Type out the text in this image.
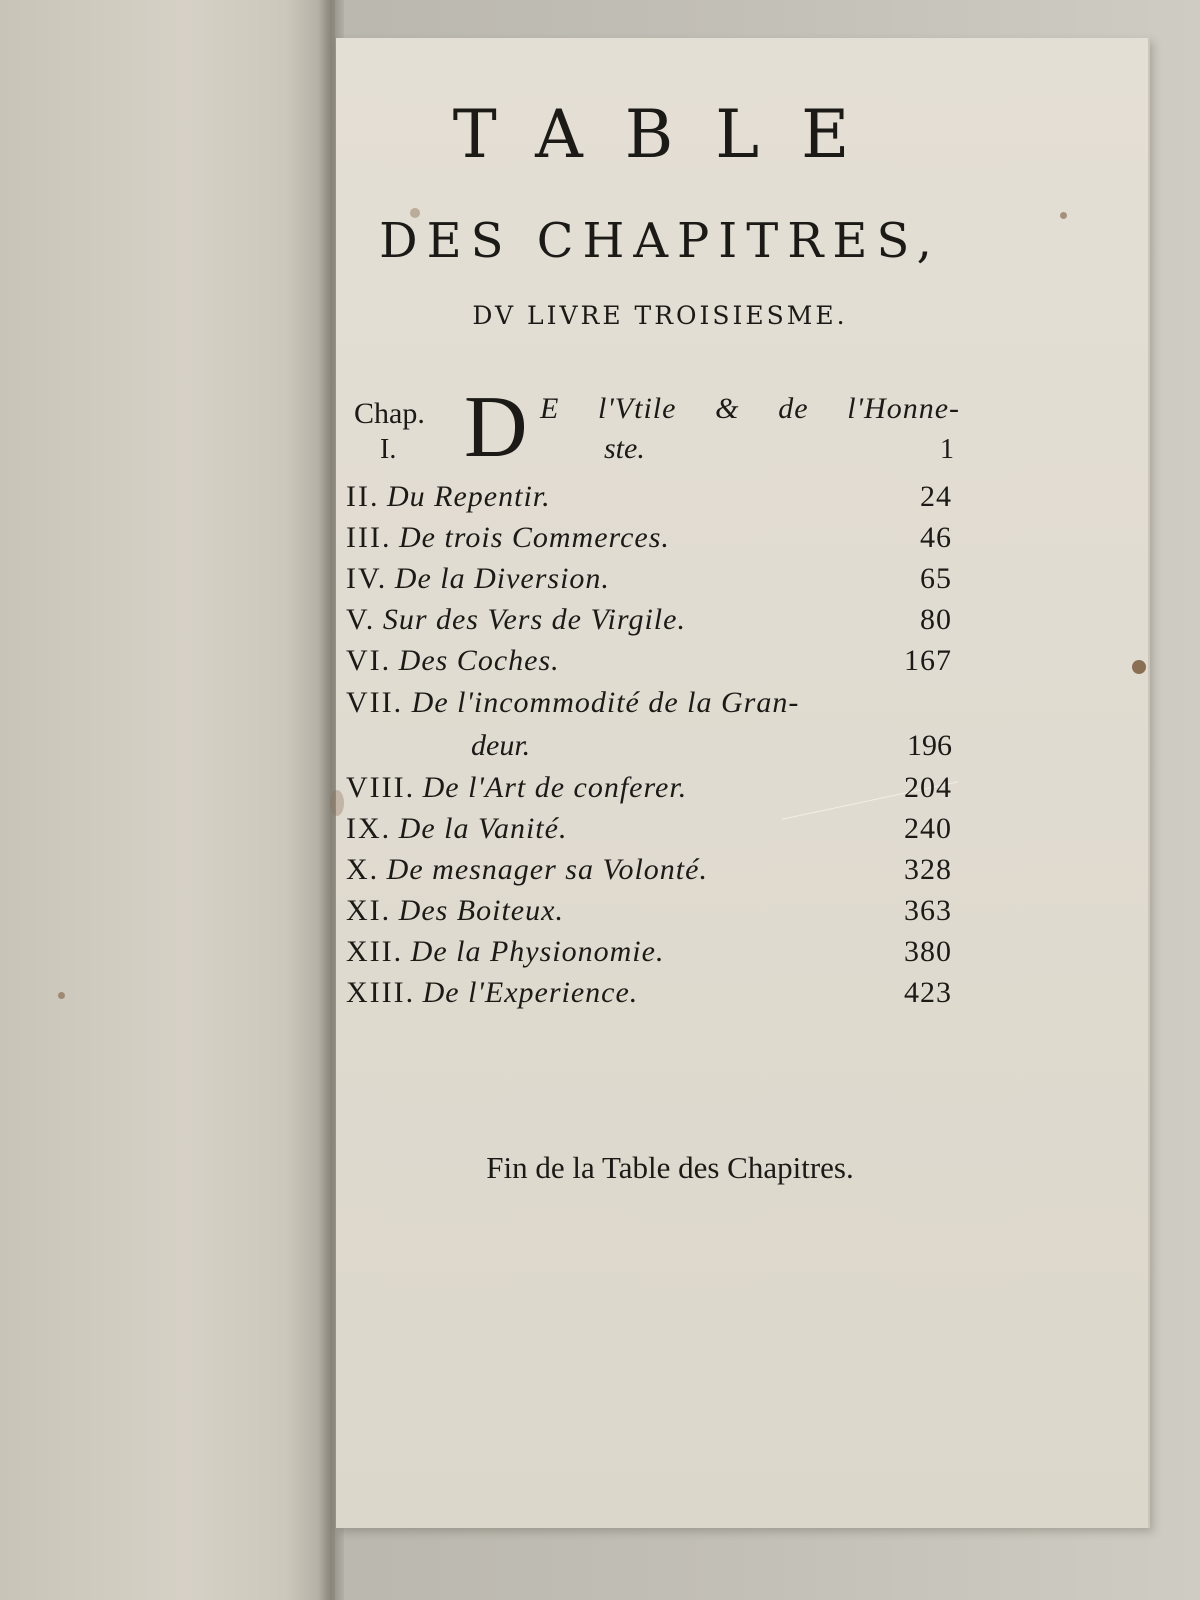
TABLE
DES CHAPITRES,
DV LIVRE TROISIESME.
Chap.
I. D E l'Vtile & de l'Honne-
ste.	1
II. Du Repentir.	24
III. De trois Commerces.	46
IV. De la Diversion.	65
V. Sur des Vers de Virgile.	80
VI. Des Coches.	167
VII. De l'incommodité de la Gran-
deur.	196
VIII. De l'Art de conferer.	204
IX. De la Vanité.	240
X. De mesnager sa Volonté.	328
XI. Des Boiteux.	363
XII. De la Physionomie.	380
XIII. De l'Experience.	423
Fin de la Table des Chapitres.
